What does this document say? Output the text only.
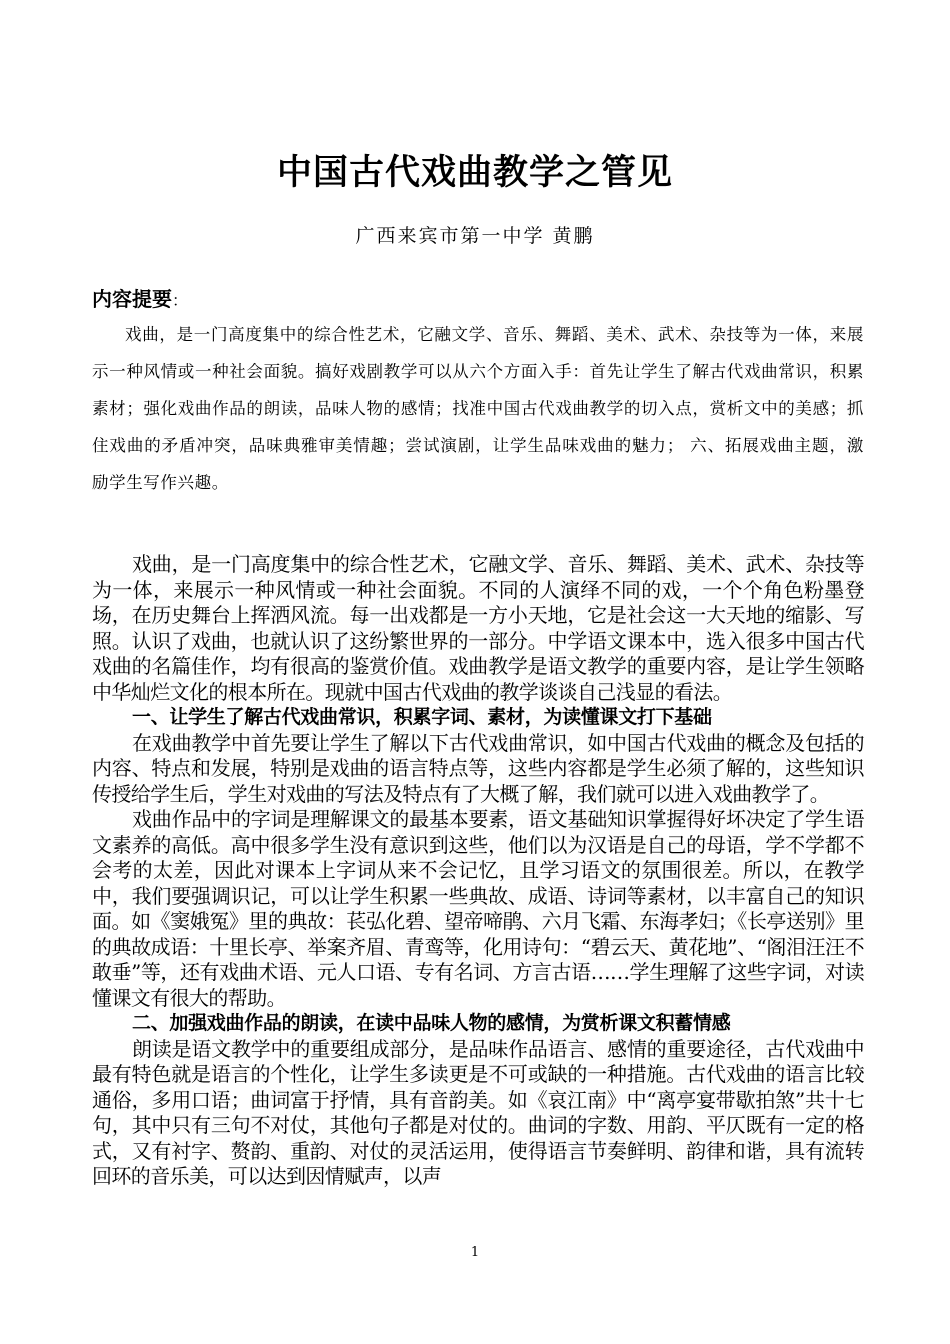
中国古代戏曲教学之管见
广西来宾市第一中学 黄鹏
内容提要：

戏曲，是一门高度集中的综合性艺术，它融文学、音乐、舞蹈、美术、武术、杂技等为一体，来展示一种风情或一种社会面貌。搞好戏剧教学可以从六个方面入手：首先让学生了解古代戏曲常识，积累素材；强化戏曲作品的朗读，品味人物的感情；找准中国古代戏曲教学的切入点，赏析文中的美感；抓住戏曲的矛盾冲突，品味典雅审美情趣；尝试演剧，让学生品味戏曲的魅力； 六、拓展戏曲主题，激励学生写作兴趣。

戏曲，是一门高度集中的综合性艺术，它融文学、音乐、舞蹈、美术、武术、杂技等为一体，来展示一种风情或一种社会面貌。不同的人演绎不同的戏，一个个角色粉墨登场，在历史舞台上挥洒风流。每一出戏都是一方小天地，它是社会这一大天地的缩影、写照。认识了戏曲，也就认识了这纷繁世界的一部分。中学语文课本中，选入很多中国古代戏曲的名篇佳作，均有很高的鉴赏价值。戏曲教学是语文教学的重要内容，是让学生领略中华灿烂文化的根本所在。现就中国古代戏曲的教学谈谈自己浅显的看法。

一、让学生了解古代戏曲常识，积累字词、素材，为读懂课文打下基础

在戏曲教学中首先要让学生了解以下古代戏曲常识，如中国古代戏曲的概念及包括的内容、特点和发展，特别是戏曲的语言特点等，这些内容都是学生必须了解的，这些知识传授给学生后，学生对戏曲的写法及特点有了大概了解，我们就可以进入戏曲教学了。

戏曲作品中的字词是理解课文的最基本要素，语文基础知识掌握得好坏决定了学生语文素养的高低。高中很多学生没有意识到这些，他们以为汉语是自己的母语，学不学都不会考的太差，因此对课本上字词从来不会记忆，且学习语文的氛围很差。所以，在教学中，我们要强调识记，可以让学生积累一些典故、成语、诗词等素材，以丰富自己的知识面。如《窦娥冤》里的典故：苌弘化碧、望帝啼鹃、六月飞霜、东海孝妇；《长亭送别》里的典故成语：十里长亭、举案齐眉、青鸾等，化用诗句：“碧云天、黄花地”、“阁泪汪汪不敢垂”等，还有戏曲术语、元人口语、专有名词、方言古语……学生理解了这些字词，对读懂课文有很大的帮助。

二、加强戏曲作品的朗读，在读中品味人物的感情，为赏析课文积蓄情感

朗读是语文教学中的重要组成部分，是品味作品语言、感情的重要途径，古代戏曲中最有特色就是语言的个性化，让学生多读更是不可或缺的一种措施。古代戏曲的语言比较通俗，多用口语；曲词富于抒情，具有音韵美。如《哀江南》中“离亭宴带歇拍煞”共十七句，其中只有三句不对仗，其他句子都是对仗的。曲词的字数、用韵、平仄既有一定的格式，又有衬字、赘韵、重韵、对仗的灵活运用，使得语言节奏鲜明、韵律和谐，具有流转回环的音乐美，可以达到因情赋声，以声

1
